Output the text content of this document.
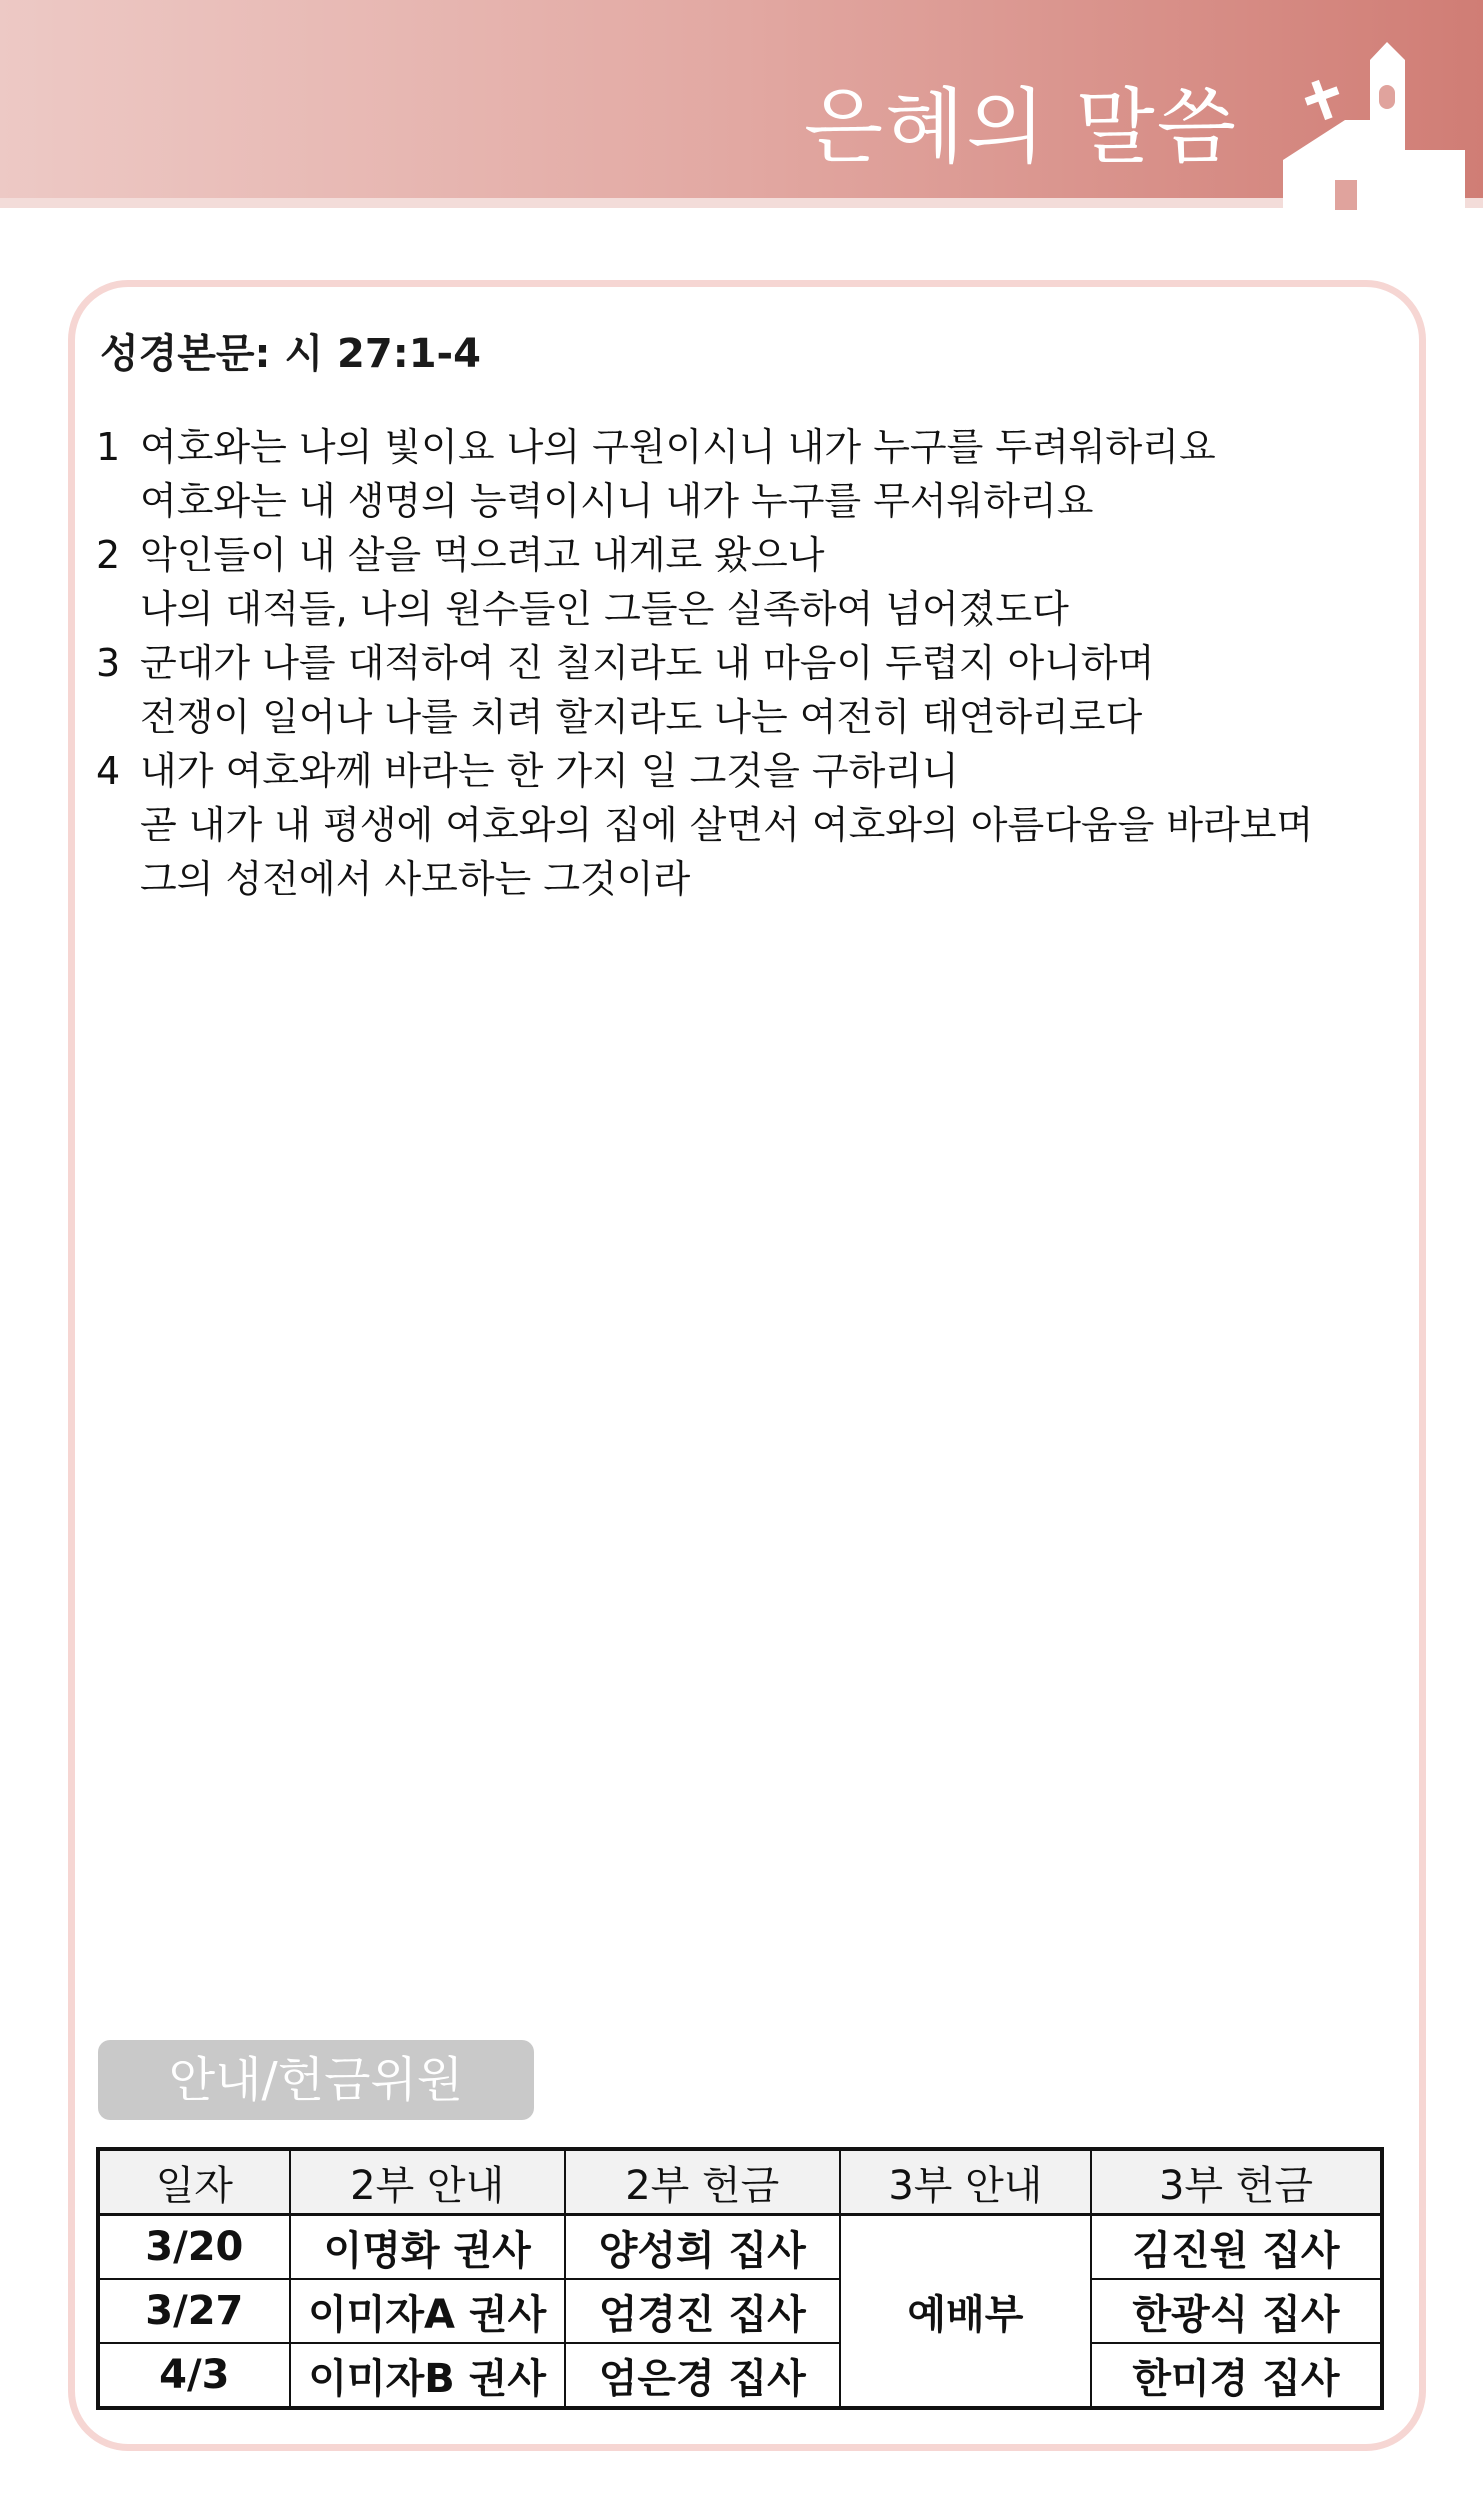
은혜의 말씀
성경본문: 시 27:1-4
1 여호와는 나의 빛이요 나의 구원이시니 내가 누구를 두려워하리요
여호와는 내 생명의 능력이시니 내가 누구를 무서워하리요
2 악인들이 내 살을 먹으려고 내게로 왔으나
나의 대적들, 나의 원수들인 그들은 실족하여 넘어졌도다
3 군대가 나를 대적하여 진 칠지라도 내 마음이 두렵지 아니하며
전쟁이 일어나 나를 치려 할지라도 나는 여전히 태연하리로다
4 내가 여호와께 바라는 한 가지 일 그것을 구하리니
곧 내가 내 평생에 여호와의 집에 살면서 여호와의 아름다움을 바라보며
그의 성전에서 사모하는 그것이라
안내/헌금위원
일자	2부 안내	2부 헌금	3부 안내	3부 헌금
3/20	이명화 권사	양성희 집사	예배부	김진원 집사
3/27	이미자A 권사	엄경진 집사		한광식 집사
4/3	이미자B 권사	엄은경 집사		한미경 집사
